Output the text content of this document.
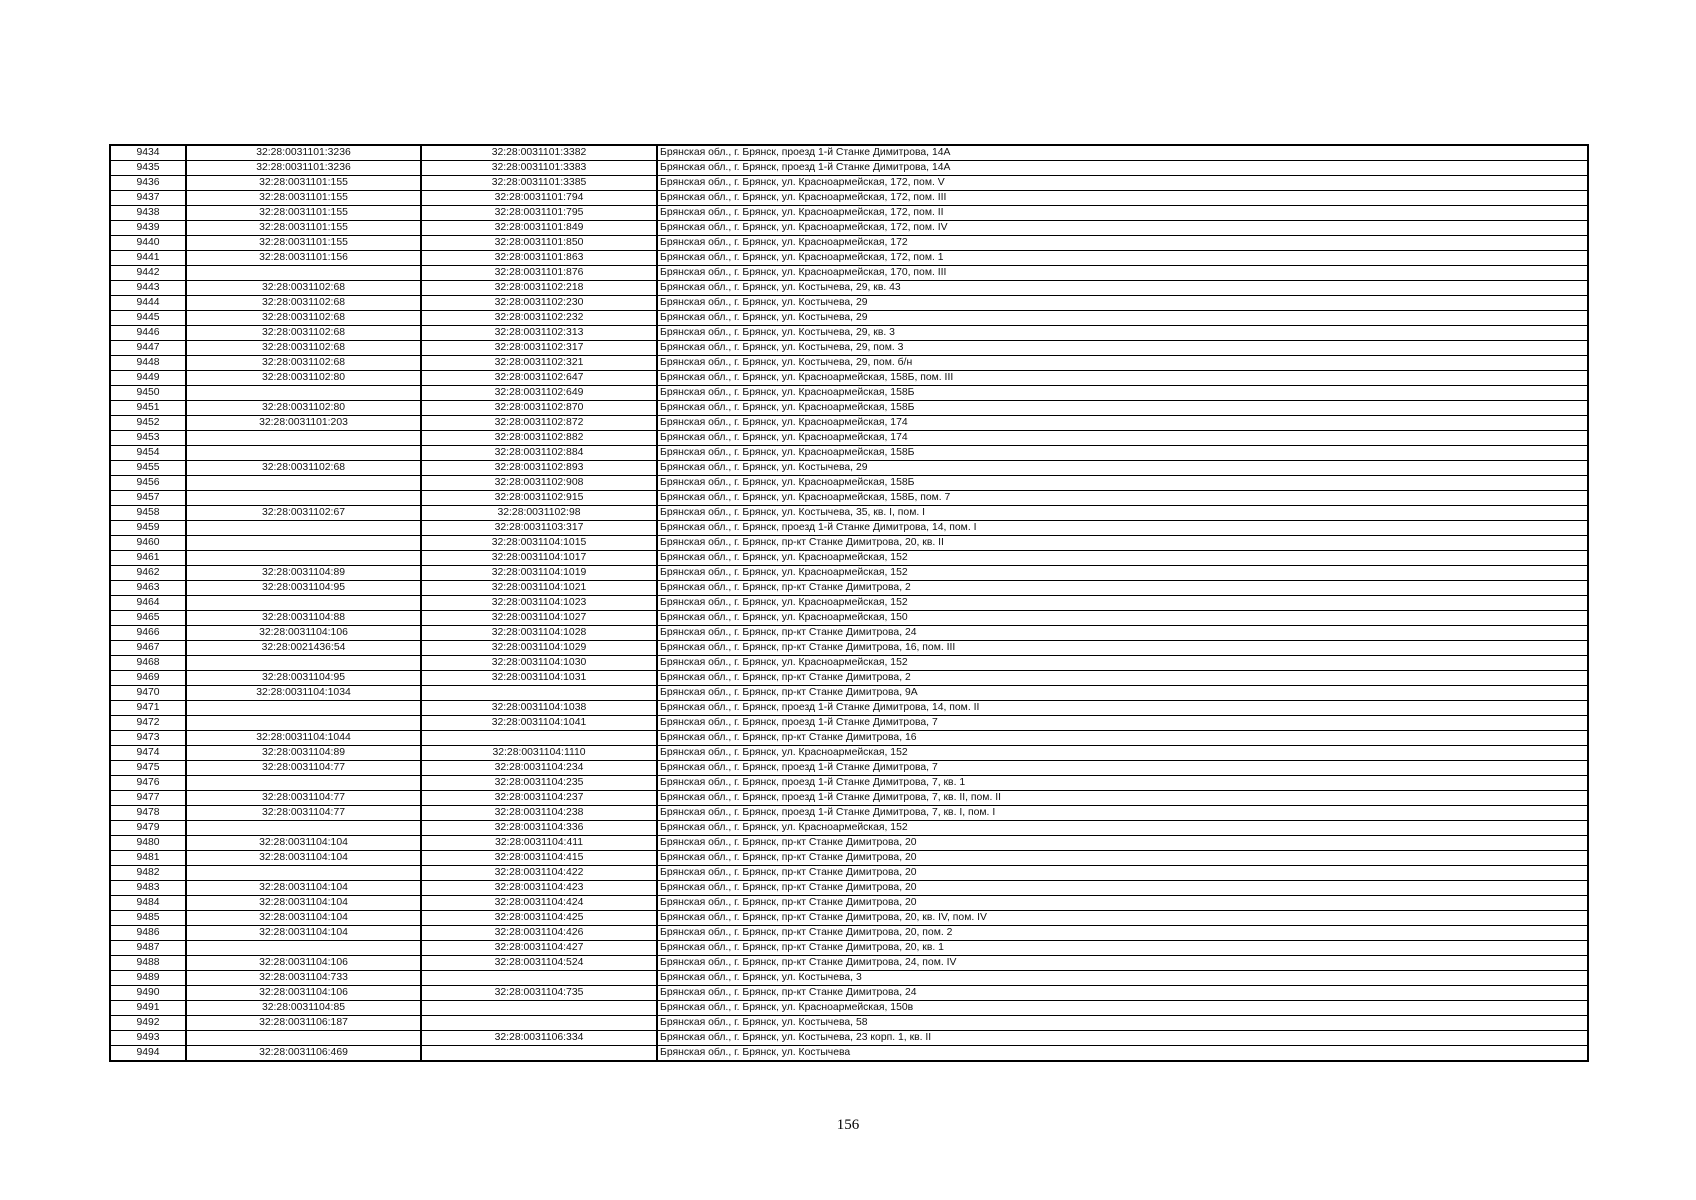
9434	32:28:0031101:3236	32:28:0031101:3382	Брянская обл., г. Брянск, проезд 1-й Станке Димитрова, 14А
9435	32:28:0031101:3236	32:28:0031101:3383	Брянская обл., г. Брянск, проезд 1-й Станке Димитрова, 14А
9436	32:28:0031101:155	32:28:0031101:3385	Брянская обл., г. Брянск, ул. Красноармейская, 172, пом. V
9437	32:28:0031101:155	32:28:0031101:794	Брянская обл., г. Брянск, ул. Красноармейская, 172, пом. III
9438	32:28:0031101:155	32:28:0031101:795	Брянская обл., г. Брянск, ул. Красноармейская, 172, пом. II
9439	32:28:0031101:155	32:28:0031101:849	Брянская обл., г. Брянск, ул. Красноармейская, 172, пом. IV
9440	32:28:0031101:155	32:28:0031101:850	Брянская обл., г. Брянск, ул. Красноармейская, 172
9441	32:28:0031101:156	32:28:0031101:863	Брянская обл., г. Брянск, ул. Красноармейская, 172, пом. 1
9442		32:28:0031101:876	Брянская обл., г. Брянск, ул. Красноармейская, 170, пом. III
9443	32:28:0031102:68	32:28:0031102:218	Брянская обл., г. Брянск, ул. Костычева, 29, кв. 43
9444	32:28:0031102:68	32:28:0031102:230	Брянская обл., г. Брянск, ул. Костычева, 29
9445	32:28:0031102:68	32:28:0031102:232	Брянская обл., г. Брянск, ул. Костычева, 29
9446	32:28:0031102:68	32:28:0031102:313	Брянская обл., г. Брянск, ул. Костычева, 29, кв. 3
9447	32:28:0031102:68	32:28:0031102:317	Брянская обл., г. Брянск, ул. Костычева, 29, пом. 3
9448	32:28:0031102:68	32:28:0031102:321	Брянская обл., г. Брянск, ул. Костычева, 29, пом. б/н
9449	32:28:0031102:80	32:28:0031102:647	Брянская обл., г. Брянск, ул. Красноармейская, 158Б, пом. III
9450		32:28:0031102:649	Брянская обл., г. Брянск, ул. Красноармейская, 158Б
9451	32:28:0031102:80	32:28:0031102:870	Брянская обл., г. Брянск, ул. Красноармейская, 158Б
9452	32:28:0031101:203	32:28:0031102:872	Брянская обл., г. Брянск, ул. Красноармейская, 174
9453		32:28:0031102:882	Брянская обл., г. Брянск, ул. Красноармейская, 174
9454		32:28:0031102:884	Брянская обл., г. Брянск, ул. Красноармейская, 158Б
9455	32:28:0031102:68	32:28:0031102:893	Брянская обл., г. Брянск, ул. Костычева, 29
9456		32:28:0031102:908	Брянская обл., г. Брянск, ул. Красноармейская, 158Б
9457		32:28:0031102:915	Брянская обл., г. Брянск, ул. Красноармейская, 158Б, пом. 7
9458	32:28:0031102:67	32:28:0031102:98	Брянская обл., г. Брянск, ул. Костычева, 35, кв. I, пом. I
9459		32:28:0031103:317	Брянская обл., г. Брянск, проезд 1-й Станке Димитрова, 14, пом. I
9460		32:28:0031104:1015	Брянская обл., г. Брянск, пр-кт Станке Димитрова, 20, кв. II
9461		32:28:0031104:1017	Брянская обл., г. Брянск, ул. Красноармейская, 152
9462	32:28:0031104:89	32:28:0031104:1019	Брянская обл., г. Брянск, ул. Красноармейская, 152
9463	32:28:0031104:95	32:28:0031104:1021	Брянская обл., г. Брянск, пр-кт Станке Димитрова, 2
9464		32:28:0031104:1023	Брянская обл., г. Брянск, ул. Красноармейская, 152
9465	32:28:0031104:88	32:28:0031104:1027	Брянская обл., г. Брянск, ул. Красноармейская, 150
9466	32:28:0031104:106	32:28:0031104:1028	Брянская обл., г. Брянск, пр-кт Станке Димитрова, 24
9467	32:28:0021436:54	32:28:0031104:1029	Брянская обл., г. Брянск, пр-кт Станке Димитрова, 16, пом. III
9468		32:28:0031104:1030	Брянская обл., г. Брянск, ул. Красноармейская, 152
9469	32:28:0031104:95	32:28:0031104:1031	Брянская обл., г. Брянск, пр-кт Станке Димитрова, 2
9470	32:28:0031104:1034		Брянская обл., г. Брянск, пр-кт Станке Димитрова, 9А
9471		32:28:0031104:1038	Брянская обл., г. Брянск, проезд 1-й Станке Димитрова, 14, пом. II
9472		32:28:0031104:1041	Брянская обл., г. Брянск, проезд 1-й Станке Димитрова, 7
9473	32:28:0031104:1044		Брянская обл., г. Брянск, пр-кт Станке Димитрова, 16
9474	32:28:0031104:89	32:28:0031104:1110	Брянская обл., г. Брянск, ул. Красноармейская, 152
9475	32:28:0031104:77	32:28:0031104:234	Брянская обл., г. Брянск, проезд 1-й Станке Димитрова, 7
9476		32:28:0031104:235	Брянская обл., г. Брянск, проезд 1-й Станке Димитрова, 7, кв. 1
9477	32:28:0031104:77	32:28:0031104:237	Брянская обл., г. Брянск, проезд 1-й Станке Димитрова, 7, кв. II, пом. II
9478	32:28:0031104:77	32:28:0031104:238	Брянская обл., г. Брянск, проезд 1-й Станке Димитрова, 7, кв. I, пом. I
9479		32:28:0031104:336	Брянская обл., г. Брянск, ул. Красноармейская, 152
9480	32:28:0031104:104	32:28:0031104:411	Брянская обл., г. Брянск, пр-кт Станке Димитрова, 20
9481	32:28:0031104:104	32:28:0031104:415	Брянская обл., г. Брянск, пр-кт Станке Димитрова, 20
9482		32:28:0031104:422	Брянская обл., г. Брянск, пр-кт Станке Димитрова, 20
9483	32:28:0031104:104	32:28:0031104:423	Брянская обл., г. Брянск, пр-кт Станке Димитрова, 20
9484	32:28:0031104:104	32:28:0031104:424	Брянская обл., г. Брянск, пр-кт Станке Димитрова, 20
9485	32:28:0031104:104	32:28:0031104:425	Брянская обл., г. Брянск, пр-кт Станке Димитрова, 20, кв. IV, пом. IV
9486	32:28:0031104:104	32:28:0031104:426	Брянская обл., г. Брянск, пр-кт Станке Димитрова, 20, пом. 2
9487		32:28:0031104:427	Брянская обл., г. Брянск, пр-кт Станке Димитрова, 20, кв. 1
9488	32:28:0031104:106	32:28:0031104:524	Брянская обл., г. Брянск, пр-кт Станке Димитрова, 24, пом. IV
9489	32:28:0031104:733		Брянская обл., г. Брянск, ул. Костычева, 3
9490	32:28:0031104:106	32:28:0031104:735	Брянская обл., г. Брянск, пр-кт Станке Димитрова, 24
9491	32:28:0031104:85		Брянская обл., г. Брянск, ул. Красноармейская, 150в
9492	32:28:0031106:187		Брянская обл., г. Брянск, ул. Костычева, 58
9493		32:28:0031106:334	Брянская обл., г. Брянск, ул. Костычева, 23 корп. 1, кв. II
9494	32:28:0031106:469		Брянская обл., г. Брянск, ул. Костычева
156
